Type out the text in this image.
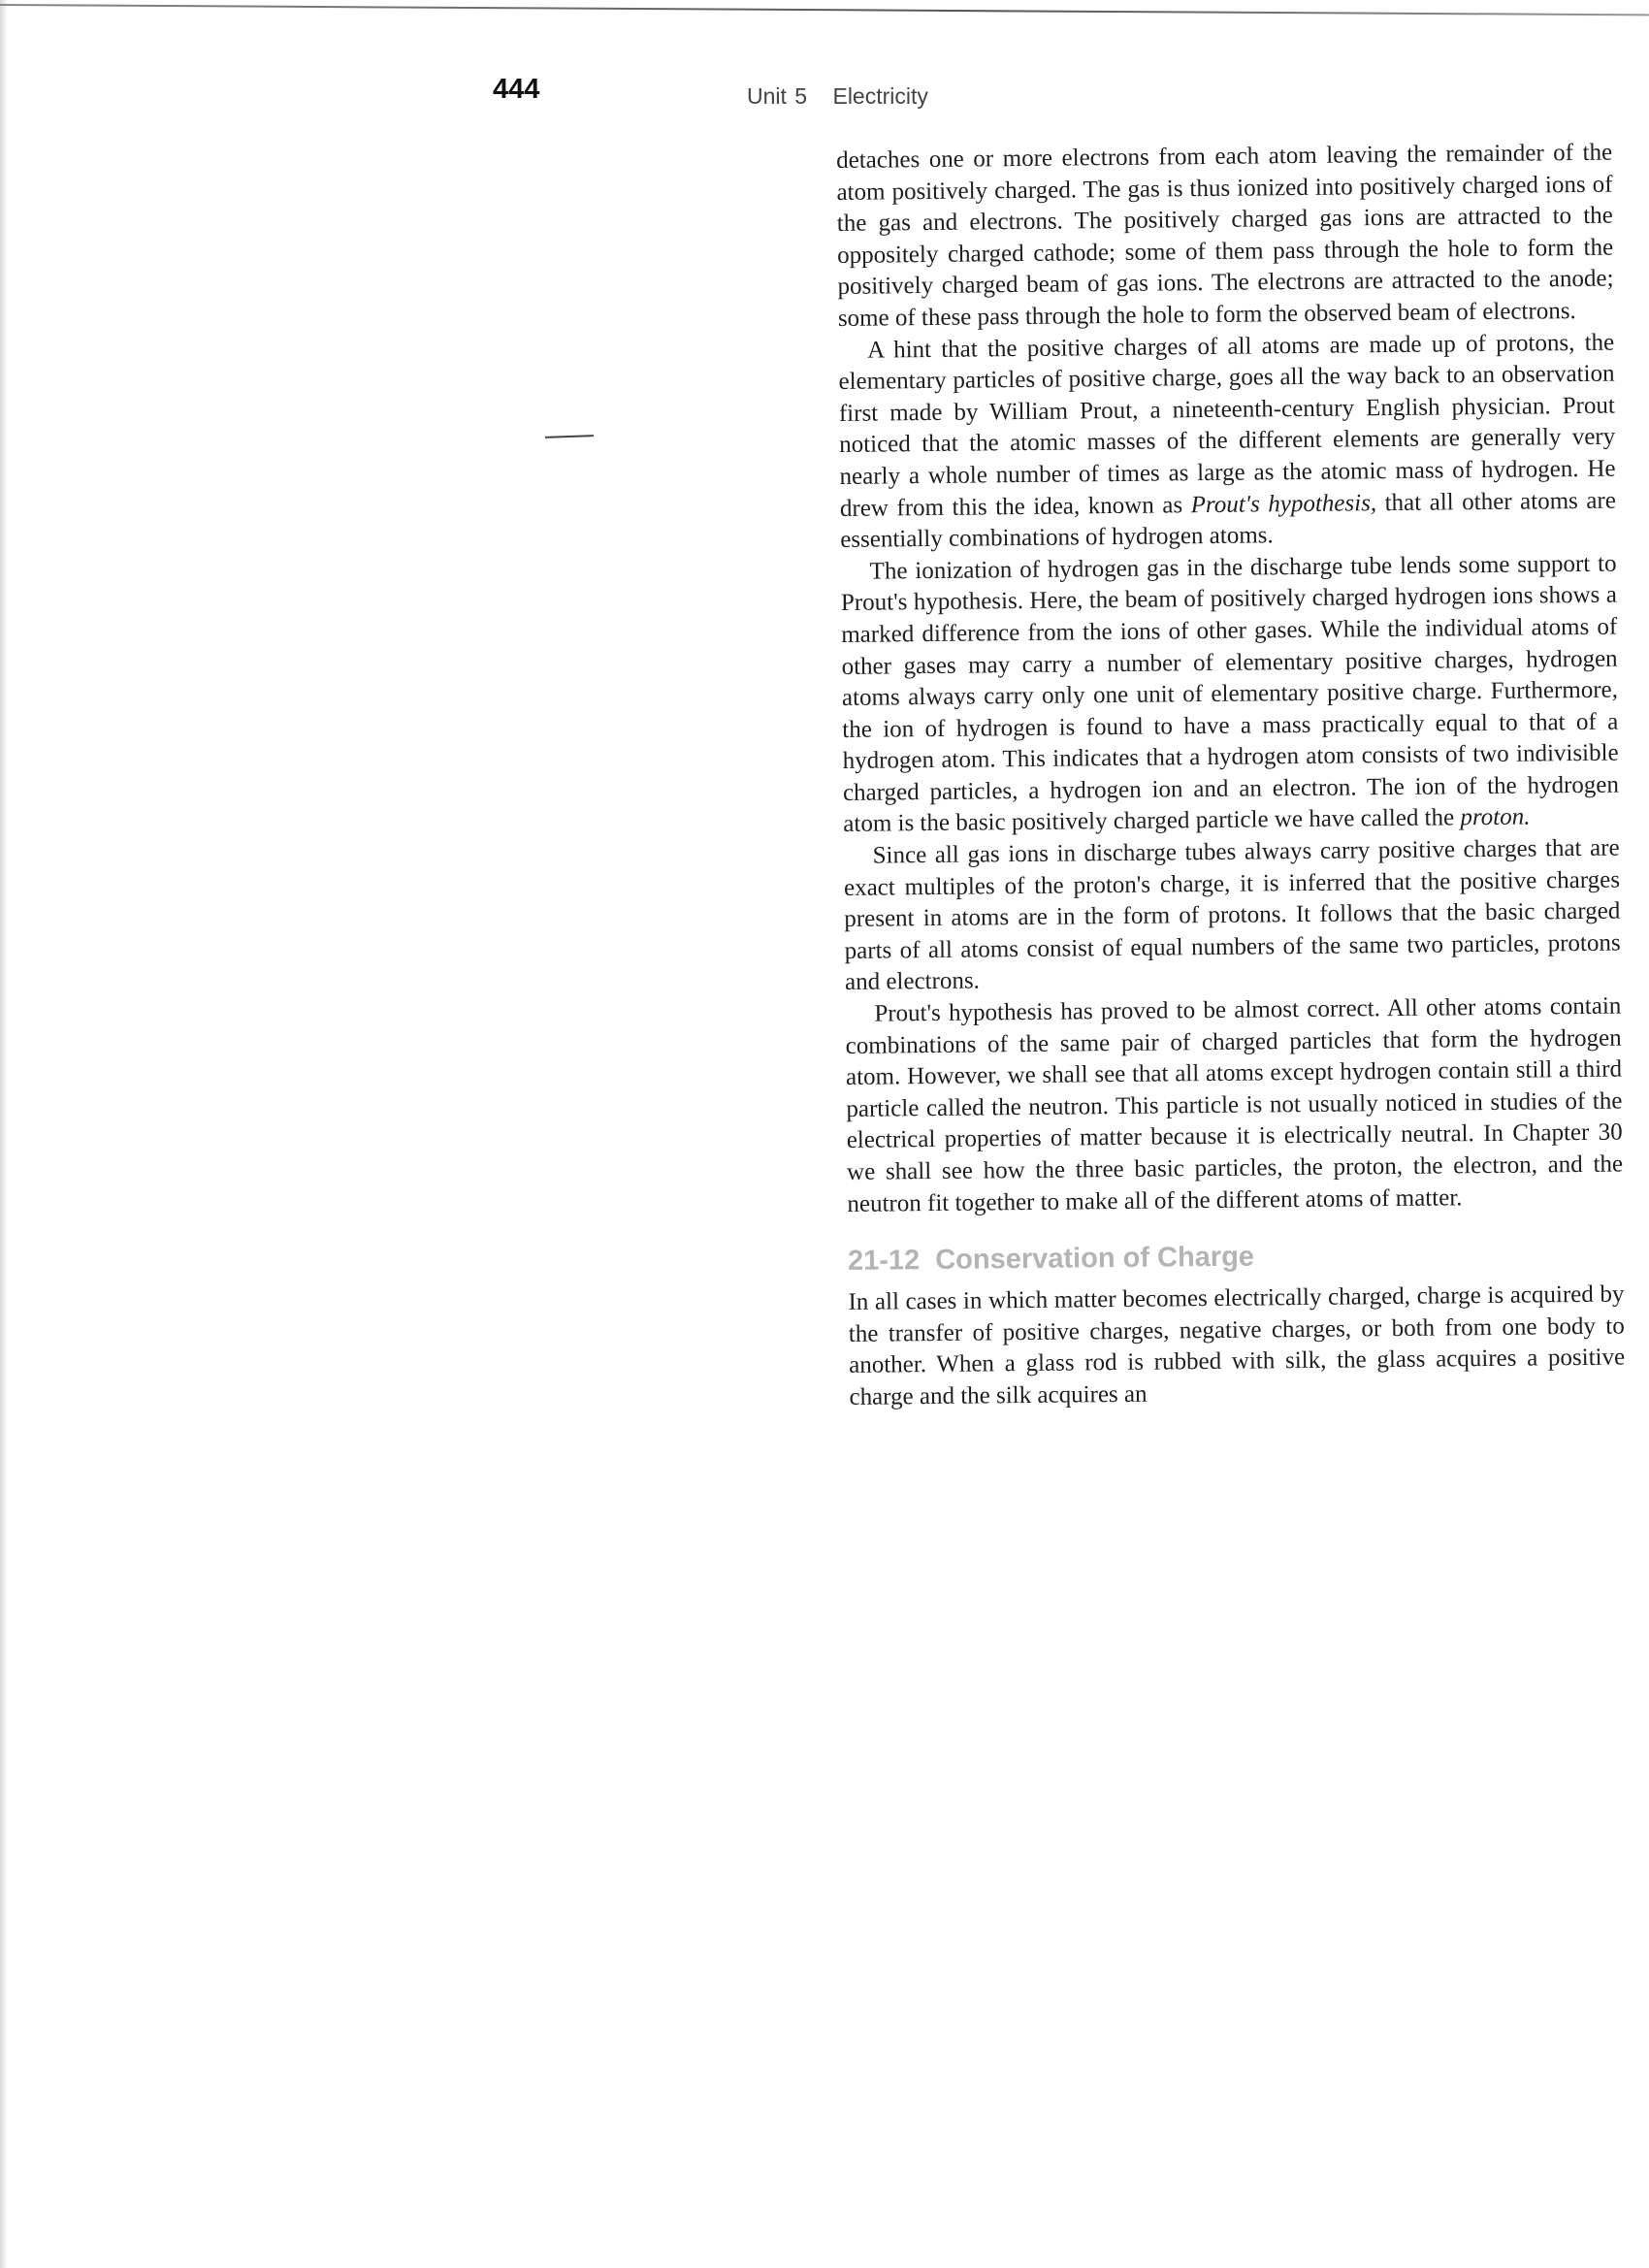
444	Unit 5 Electricity

detaches one or more electrons from each atom leaving the remainder of the atom positively charged. The gas is thus ionized into positively charged ions of the gas and electrons. The positively charged gas ions are attracted to the oppositely charged cathode; some of them pass through the hole to form the positively charged beam of gas ions. The electrons are attracted to the anode; some of these pass through the hole to form the observed beam of electrons.

A hint that the positive charges of all atoms are made up of protons, the elementary particles of positive charge, goes all the way back to an observation first made by William Prout, a nineteenth-century English physician. Prout noticed that the atomic masses of the different elements are generally very nearly a whole number of times as large as the atomic mass of hydrogen. He drew from this the idea, known as Prout's hypothesis, that all other atoms are essentially combinations of hydrogen atoms.

The ionization of hydrogen gas in the discharge tube lends some support to Prout's hypothesis. Here, the beam of positively charged hydrogen ions shows a marked difference from the ions of other gases. While the individual atoms of other gases may carry a number of elementary positive charges, hydrogen atoms always carry only one unit of elementary positive charge. Furthermore, the ion of hydrogen is found to have a mass practically equal to that of a hydrogen atom. This indicates that a hydrogen atom consists of two indivisible charged particles, a hydrogen ion and an electron. The ion of the hydrogen atom is the basic positively charged particle we have called the proton.

Since all gas ions in discharge tubes always carry positive charges that are exact multiples of the proton's charge, it is inferred that the positive charges present in atoms are in the form of protons. It follows that the basic charged parts of all atoms consist of equal numbers of the same two particles, protons and electrons.

Prout's hypothesis has proved to be almost correct. All other atoms contain combinations of the same pair of charged particles that form the hydrogen atom. However, we shall see that all atoms except hydrogen contain still a third particle called the neutron. This particle is not usually noticed in studies of the electrical properties of matter because it is electrically neutral. In Chapter 30 we shall see how the three basic particles, the proton, the electron, and the neutron fit together to make all of the different atoms of matter.

21-12 Conservation of Charge

In all cases in which matter becomes electrically charged, charge is acquired by the transfer of positive charges, negative charges, or both from one body to another. When a glass rod is rubbed with silk, the glass acquires a positive charge and the silk acquires an
